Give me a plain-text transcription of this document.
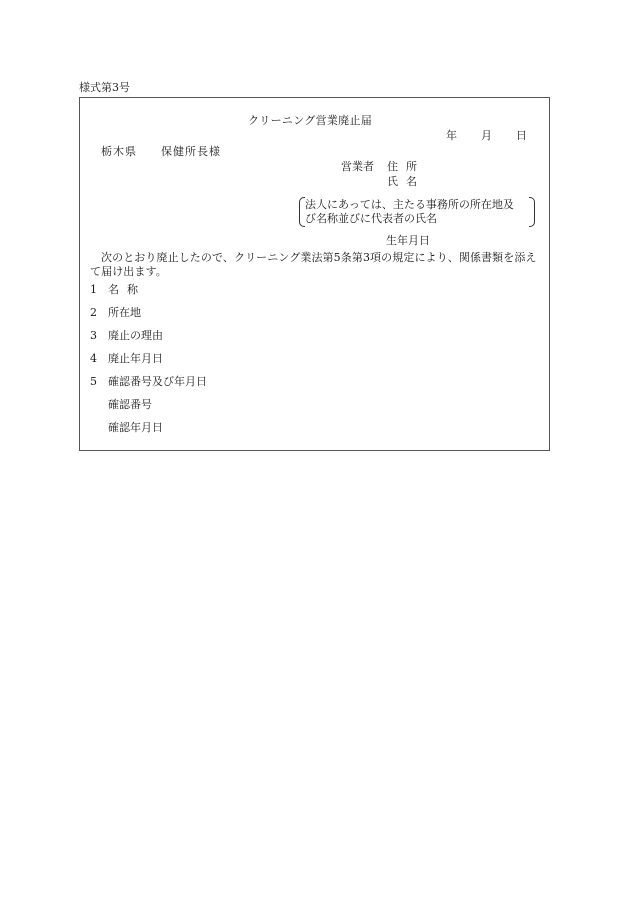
様式第3号
クリーニング営業廃止届
年 月 日
栃木県 保健所長様
営業者 住所
氏名
法人にあっては、主たる事務所の所在地及
び名称並びに代表者の氏名
生年月日
次のとおり廃止したので、クリーニング業法第5条第3項の規定により、関係書類を添えて届け出ます。
1 名称
2 所在地
3 廃止の理由
4 廃止年月日
5 確認番号及び年月日
確認番号
確認年月日
